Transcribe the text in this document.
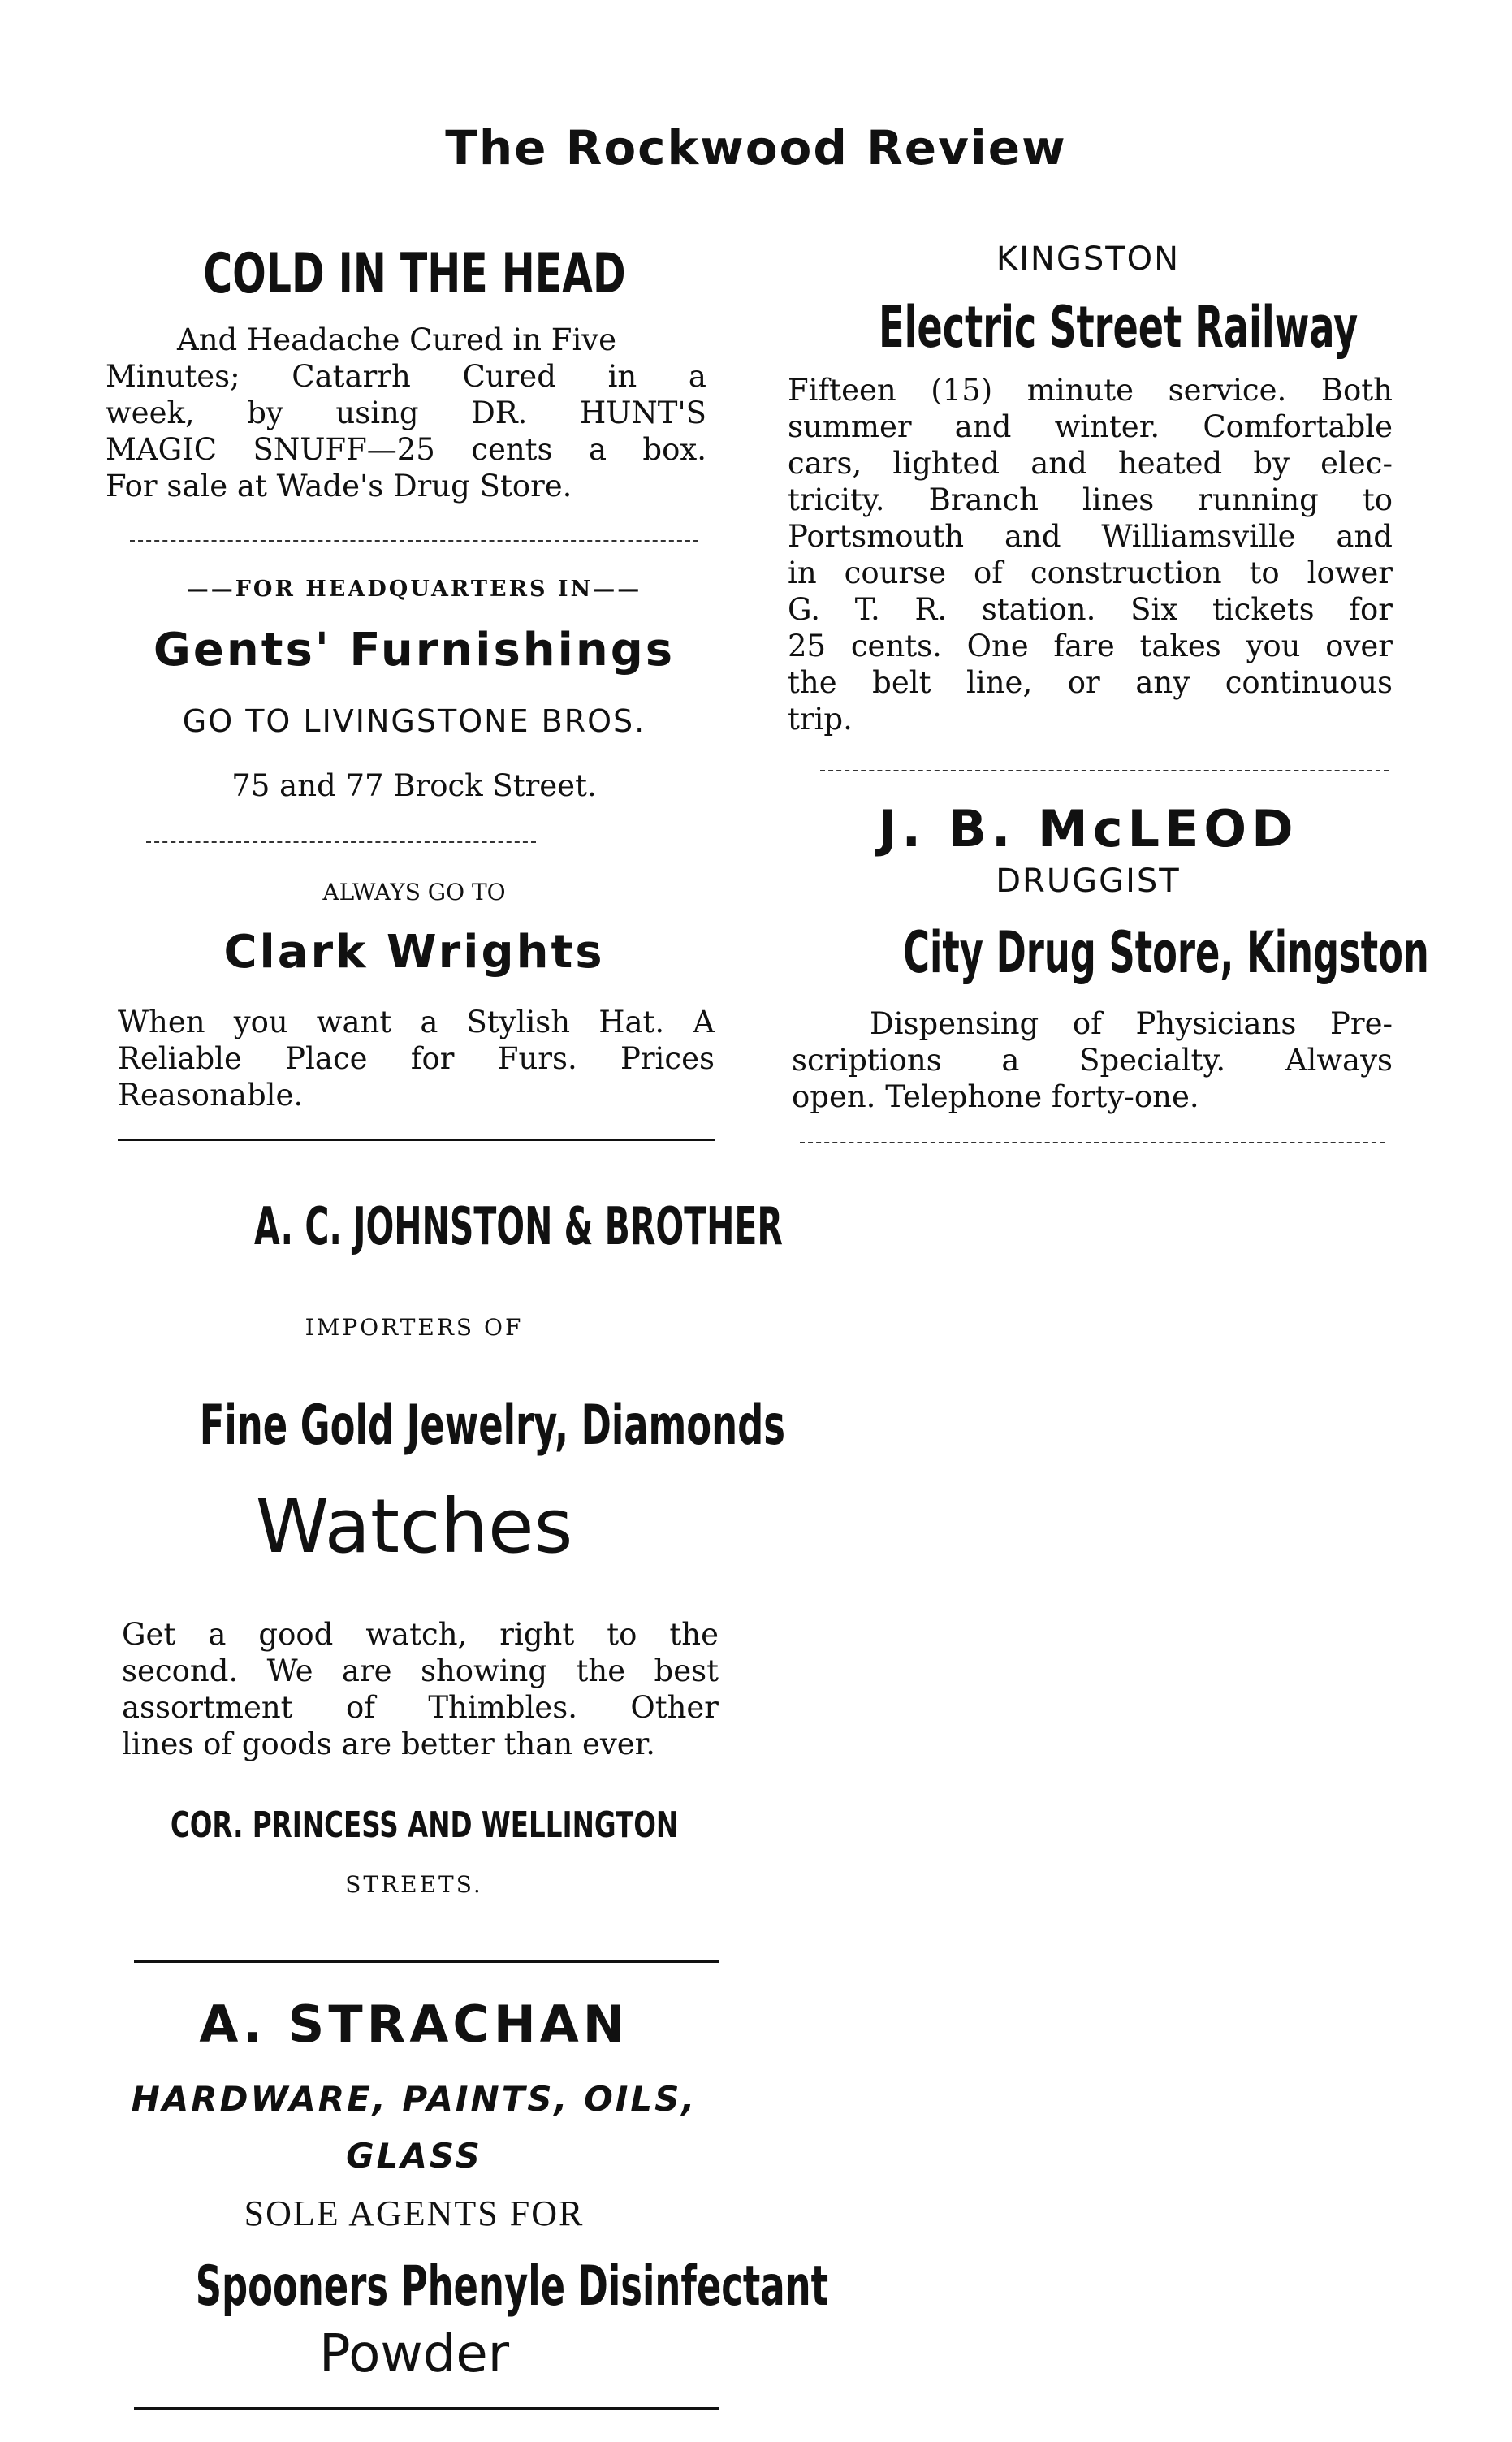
The Rockwood Review
COLD IN THE HEAD
And Headache Cured in Five
Minutes; Catarrh Cured in a
week, by using DR. HUNT'S
MAGIC SNUFF—25 cents a box.
For sale at Wade's Drug Store.
——FOR HEADQUARTERS IN——
Gents' Furnishings
GO TO LIVINGSTONE BROS.
75 and 77 Brock Street.
ALWAYS GO TO
Clark Wrights
When you want a Stylish Hat. A
Reliable Place for Furs. Prices
Reasonable.
A. C. JOHNSTON & BROTHER
IMPORTERS OF
Fine Gold Jewelry, Diamonds
Watches
Get a good watch, right to the
second. We are showing the best
assortment of Thimbles. Other
lines of goods are better than ever.
COR. PRINCESS AND WELLINGTON
STREETS.
A. STRACHAN
HARDWARE, PAINTS, OILS,
GLASS
SOLE AGENTS FOR
Spooners Phenyle Disinfectant
Powder
KINGSTON
Electric Street Railway
Fifteen (15) minute service. Both
summer and winter. Comfortable
cars, lighted and heated by elec-
tricity. Branch lines running to
Portsmouth and Williamsville and
in course of construction to lower
G. T. R. station. Six tickets for
25 cents. One fare takes you over
the belt line, or any continuous
trip.
J. B. McLEOD
DRUGGIST
City Drug Store, Kingston
Dispensing of Physicians Pre-
scriptions a Specialty. Always
open. Telephone forty-one.
